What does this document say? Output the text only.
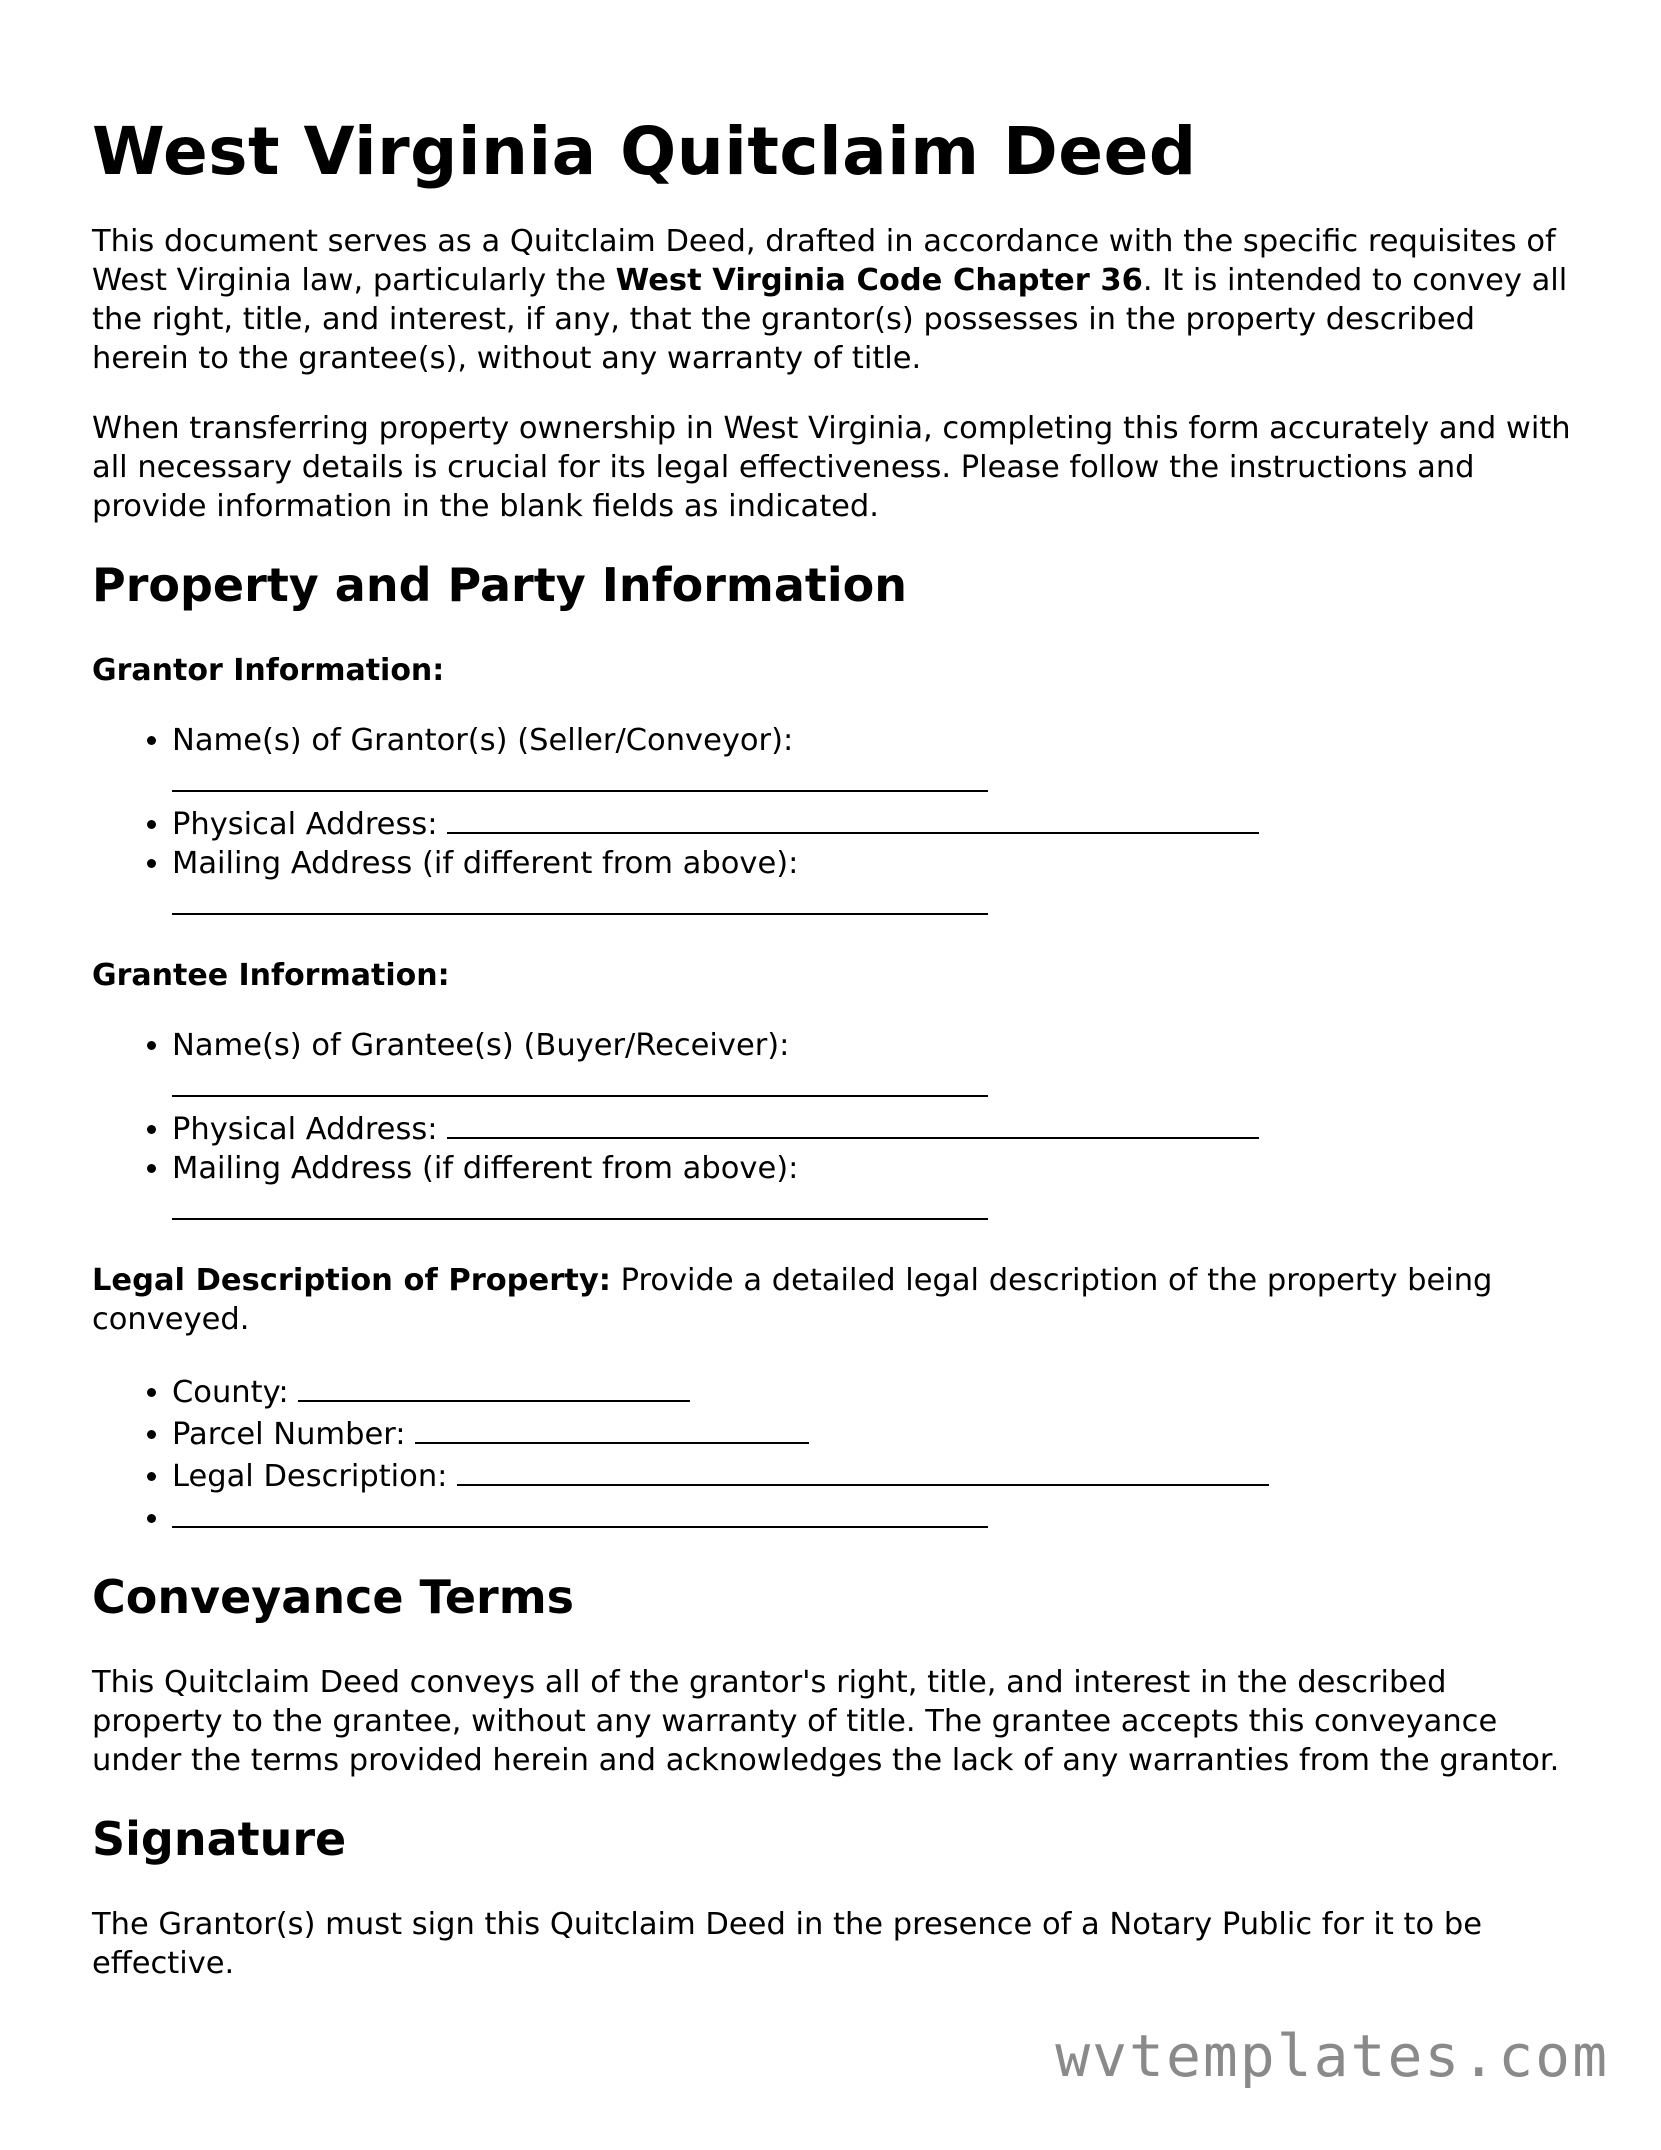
West Virginia Quitclaim Deed

This document serves as a Quitclaim Deed, drafted in accordance with the specific requisites of West Virginia law, particularly the West Virginia Code Chapter 36. It is intended to convey all the right, title, and interest, if any, that the grantor(s) possesses in the property described herein to the grantee(s), without any warranty of title.

When transferring property ownership in West Virginia, completing this form accurately and with all necessary details is crucial for its legal effectiveness. Please follow the instructions and provide information in the blank fields as indicated.

Property and Party Information
Grantor Information:
• Name(s) of Grantor(s) (Seller/Conveyor):

• Physical Address:
• Mailing Address (if different from above):

Grantee Information:
• Name(s) of Grantee(s) (Buyer/Receiver):

• Physical Address:
• Mailing Address (if different from above):

Legal Description of Property: Provide a detailed legal description of the property being conveyed.

• County:
• Parcel Number:
• Legal Description:
•
Conveyance Terms

This Quitclaim Deed conveys all of the grantor's right, title, and interest in the described property to the grantee, without any warranty of title. The grantee accepts this conveyance under the terms provided herein and acknowledges the lack of any warranties from the grantor.

Signature

The Grantor(s) must sign this Quitclaim Deed in the presence of a Notary Public for it to be effective.

wvtemplates.com
